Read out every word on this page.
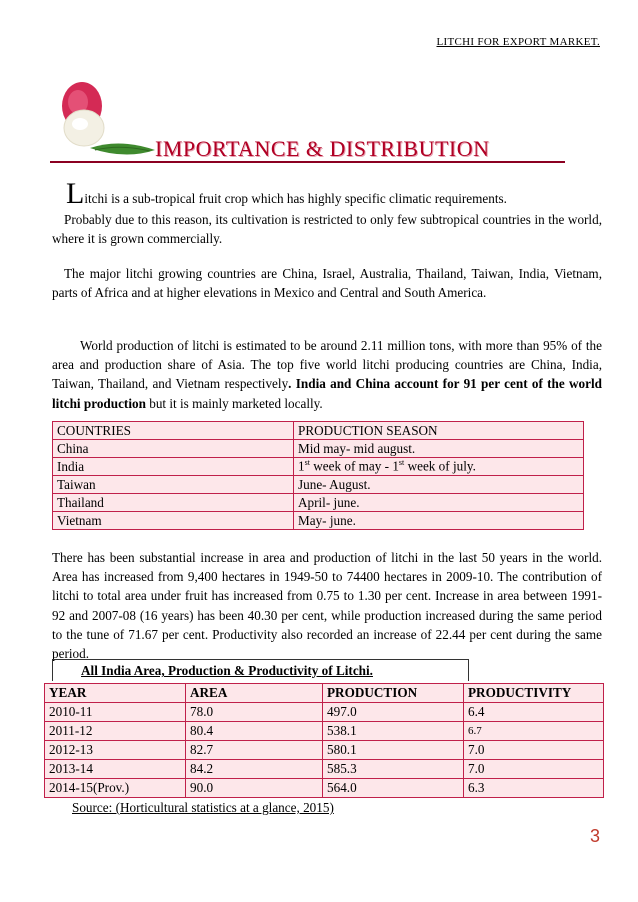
LITCHI FOR EXPORT MARKET.
IMPORTANCE & DISTRIBUTION
Litchi is a sub-tropical fruit crop which has highly specific climatic requirements.
Probably due to this reason, its cultivation is restricted to only few subtropical countries in the world, where it is grown commercially.
The major litchi growing countries are China, Israel, Australia, Thailand, Taiwan, India, Vietnam, parts of Africa and at higher elevations in Mexico and Central and South America.
World production of litchi is estimated to be around 2.11 million tons, with more than 95% of the area and production share of Asia. The top five world litchi producing countries are China, India, Taiwan, Thailand, and Vietnam respectively. India and China account for 91 per cent of the world litchi production but it is mainly marketed locally.
COUNTRIES	PRODUCTION SEASON
China	Mid may- mid august.
India	1st week of may - 1st week of july.
Taiwan	June- August.
Thailand	April- june.
Vietnam	May- june.
There has been substantial increase in area and production of litchi in the last 50 years in the world. Area has increased from 9,400 hectares in 1949-50 to 74400 hectares in 2009-10. The contribution of litchi to total area under fruit has increased from 0.75 to 1.30 per cent. Increase in area between 1991-92 and 2007-08 (16 years) has been 40.30 per cent, while production increased during the same period to the tune of 71.67 per cent. Productivity also recorded an increase of 22.44 per cent during the same period.
All India Area, Production & Productivity of Litchi.
YEAR	AREA	PRODUCTION	PRODUCTIVITY
2010-11	78.0	497.0	6.4
2011-12	80.4	538.1	6.7
2012-13	82.7	580.1	7.0
2013-14	84.2	585.3	7.0
2014-15(Prov.)	90.0	564.0	6.3
Source: (Horticultural statistics at a glance, 2015)
3
